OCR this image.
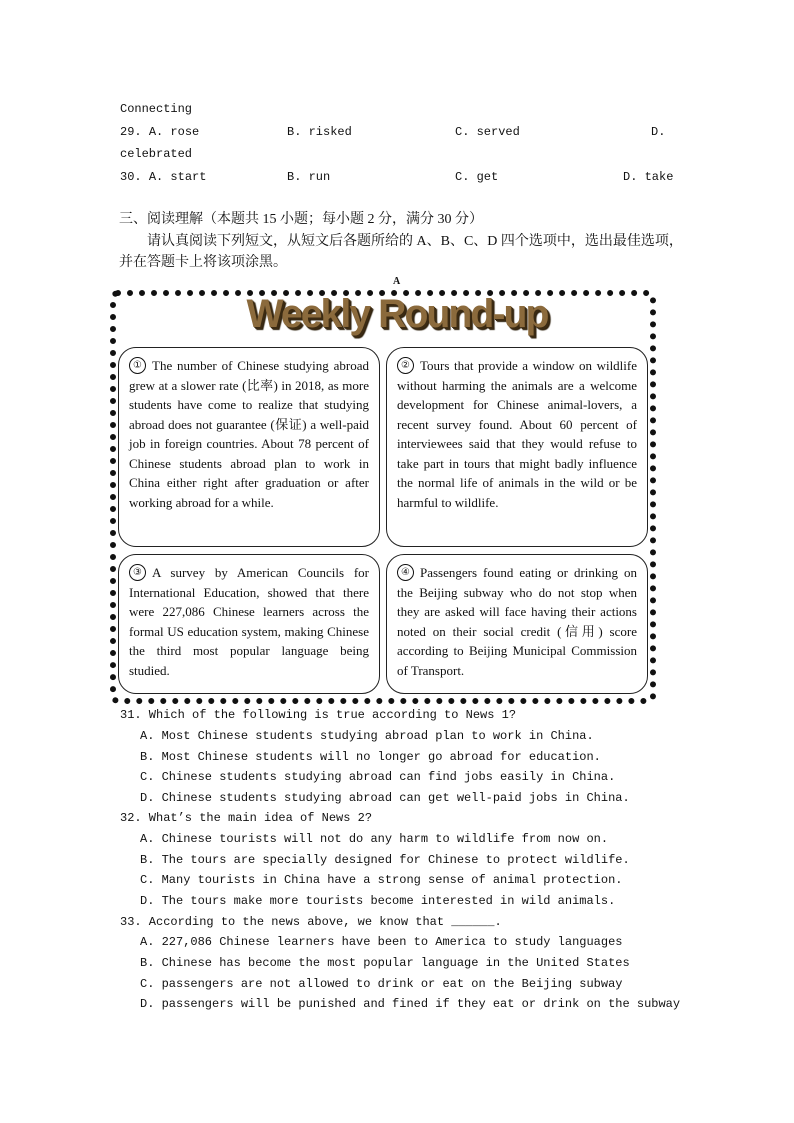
Connecting
29. A. rose	B. risked	C. served	D.
celebrated
30. A. start	B. run	C. get	D. take
三、阅读理解（本题共 15 小题；每小题 2 分，满分 30 分）
请认真阅读下列短文，从短文后各题所给的 A、B、C、D 四个选项中，选出最佳选项，
并在答题卡上将该项涂黑。
A
Weekly Round-up
① The number of Chinese studying abroad grew at a slower rate (比率) in 2018, as more students have come to realize that studying abroad does not guarantee (保证) a well-paid job in foreign countries. About 78 percent of Chinese students abroad plan to work in China either right after graduation or after working abroad for a while.
② Tours that provide a window on wildlife without harming the animals are a welcome development for Chinese animal-lovers, a recent survey found. About 60 percent of interviewees said that they would refuse to take part in tours that might badly influence the normal life of animals in the wild or be harmful to wildlife.
③ A survey by American Councils for International Education, showed that there were 227,086 Chinese learners across the formal US education system, making Chinese the third most popular language being studied.
④ Passengers found eating or drinking on the Beijing subway who do not stop when they are asked will face having their actions noted on their social credit (信用) score according to Beijing Municipal Commission of Transport.
31. Which of the following is true according to News 1?
A. Most Chinese students studying abroad plan to work in China.
B. Most Chinese students will no longer go abroad for education.
C. Chinese students studying abroad can find jobs easily in China.
D. Chinese students studying abroad can get well-paid jobs in China.
32. What’s the main idea of News 2?
A. Chinese tourists will not do any harm to wildlife from now on.
B. The tours are specially designed for Chinese to protect wildlife.
C. Many tourists in China have a strong sense of animal protection.
D. The tours make more tourists become interested in wild animals.
33. According to the news above, we know that ______.
A. 227,086 Chinese learners have been to America to study languages
B. Chinese has become the most popular language in the United States
C. passengers are not allowed to drink or eat on the Beijing subway
D. passengers will be punished and fined if they eat or drink on the subway
